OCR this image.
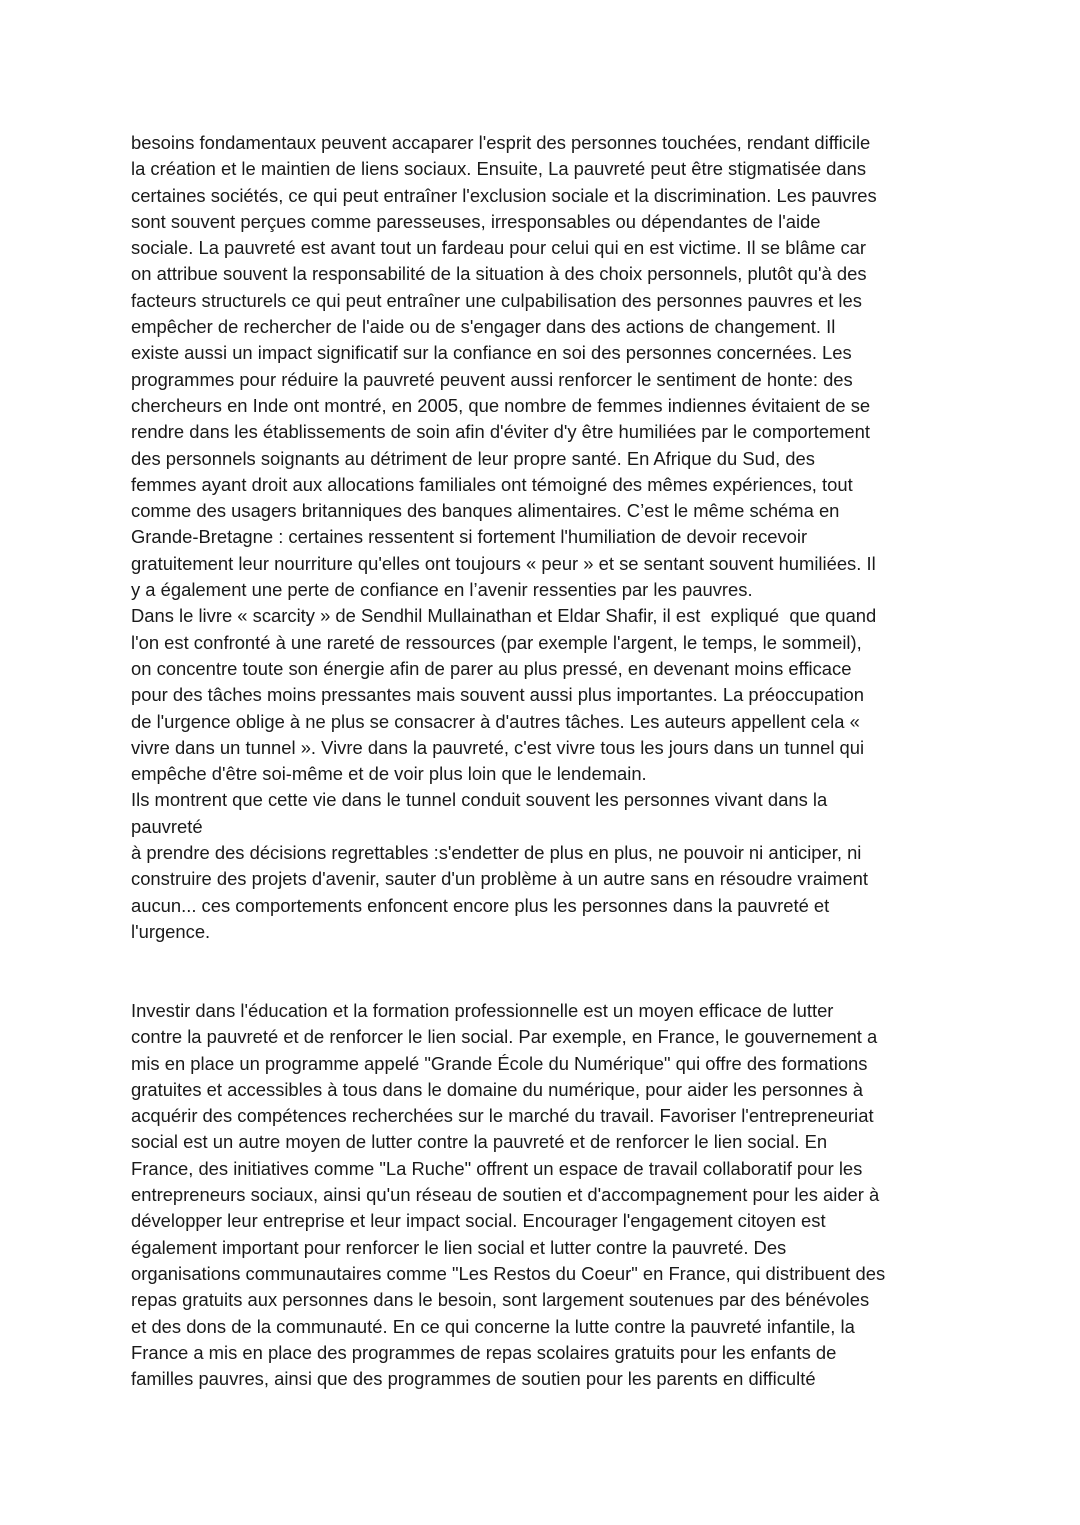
besoins fondamentaux peuvent accaparer l'esprit des personnes touchées, rendant difficile
la création et le maintien de liens sociaux. Ensuite, La pauvreté peut être stigmatisée dans
certaines sociétés, ce qui peut entraîner l'exclusion sociale et la discrimination. Les pauvres
sont souvent perçues comme paresseuses, irresponsables ou dépendantes de l'aide
sociale. La pauvreté est avant tout un fardeau pour celui qui en est victime. Il se blâme car
on attribue souvent la responsabilité de la situation à des choix personnels, plutôt qu'à des
facteurs structurels ce qui peut entraîner une culpabilisation des personnes pauvres et les
empêcher de rechercher de l'aide ou de s'engager dans des actions de changement. Il
existe aussi un impact significatif sur la confiance en soi des personnes concernées. Les
programmes pour réduire la pauvreté peuvent aussi renforcer le sentiment de honte: des
chercheurs en Inde ont montré, en 2005, que nombre de femmes indiennes évitaient de se
rendre dans les établissements de soin afin d'éviter d'y être humiliées par le comportement
des personnels soignants au détriment de leur propre santé. En Afrique du Sud, des
femmes ayant droit aux allocations familiales ont témoigné des mêmes expériences, tout
comme des usagers britanniques des banques alimentaires. C’est le même schéma en
Grande-Bretagne : certaines ressentent si fortement l'humiliation de devoir recevoir
gratuitement leur nourriture qu'elles ont toujours « peur » et se sentant souvent humiliées. Il
y a également une perte de confiance en l’avenir ressenties par les pauvres.
Dans le livre « scarcity » de Sendhil Mullainathan et Eldar Shafir, il est  expliqué  que quand
l'on est confronté à une rareté de ressources (par exemple l'argent, le temps, le sommeil),
on concentre toute son énergie afin de parer au plus pressé, en devenant moins efficace
pour des tâches moins pressantes mais souvent aussi plus importantes. La préoccupation
de l'urgence oblige à ne plus se consacrer à d'autres tâches. Les auteurs appellent cela «
vivre dans un tunnel ». Vivre dans la pauvreté, c'est vivre tous les jours dans un tunnel qui
empêche d'être soi-même et de voir plus loin que le lendemain.
Ils montrent que cette vie dans le tunnel conduit souvent les personnes vivant dans la
pauvreté
à prendre des décisions regrettables :s'endetter de plus en plus, ne pouvoir ni anticiper, ni
construire des projets d'avenir, sauter d'un problème à un autre sans en résoudre vraiment
aucun... ces comportements enfoncent encore plus les personnes dans la pauvreté et
l'urgence.
Investir dans l'éducation et la formation professionnelle est un moyen efficace de lutter
contre la pauvreté et de renforcer le lien social. Par exemple, en France, le gouvernement a
mis en place un programme appelé "Grande École du Numérique" qui offre des formations
gratuites et accessibles à tous dans le domaine du numérique, pour aider les personnes à
acquérir des compétences recherchées sur le marché du travail. Favoriser l'entrepreneuriat
social est un autre moyen de lutter contre la pauvreté et de renforcer le lien social. En
France, des initiatives comme "La Ruche" offrent un espace de travail collaboratif pour les
entrepreneurs sociaux, ainsi qu'un réseau de soutien et d'accompagnement pour les aider à
développer leur entreprise et leur impact social. Encourager l'engagement citoyen est
également important pour renforcer le lien social et lutter contre la pauvreté. Des
organisations communautaires comme "Les Restos du Coeur" en France, qui distribuent des
repas gratuits aux personnes dans le besoin, sont largement soutenues par des bénévoles
et des dons de la communauté. En ce qui concerne la lutte contre la pauvreté infantile, la
France a mis en place des programmes de repas scolaires gratuits pour les enfants de
familles pauvres, ainsi que des programmes de soutien pour les parents en difficulté
